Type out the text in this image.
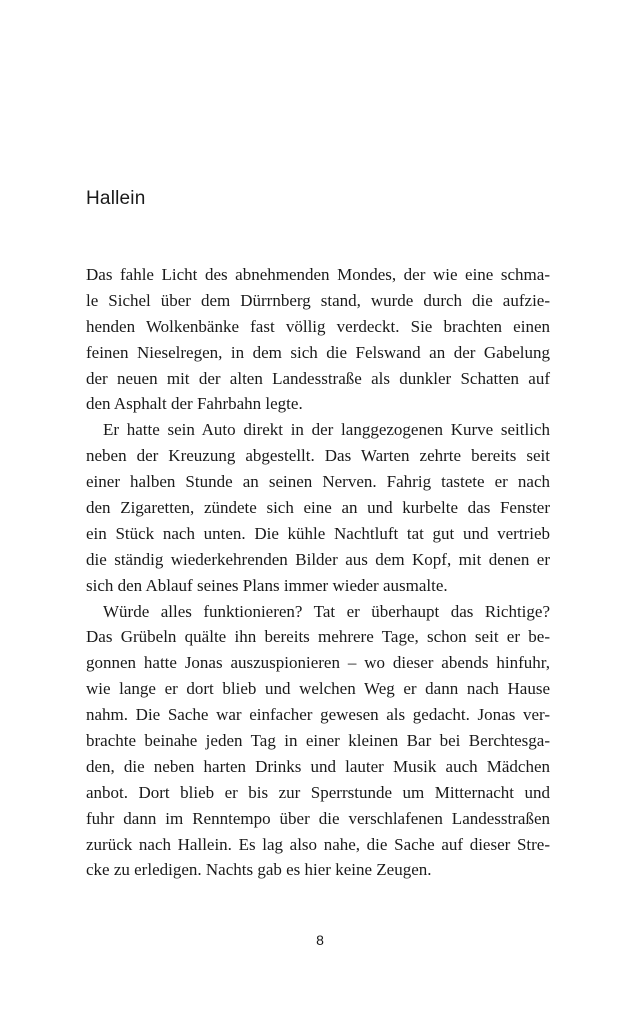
Hallein
Das fahle Licht des abnehmenden Mondes, der wie eine schma-
le Sichel über dem Dürrnberg stand, wurde durch die aufzie-
henden Wolkenbänke fast völlig verdeckt. Sie brachten einen
feinen Nieselregen, in dem sich die Felswand an der Gabelung
der neuen mit der alten Landesstraße als dunkler Schatten auf
den Asphalt der Fahrbahn legte.
Er hatte sein Auto direkt in der langgezogenen Kurve seitlich
neben der Kreuzung abgestellt. Das Warten zehrte bereits seit
einer halben Stunde an seinen Nerven. Fahrig tastete er nach
den Zigaretten, zündete sich eine an und kurbelte das Fenster
ein Stück nach unten. Die kühle Nachtluft tat gut und vertrieb
die ständig wiederkehrenden Bilder aus dem Kopf, mit denen er
sich den Ablauf seines Plans immer wieder ausmalte.
Würde alles funktionieren? Tat er überhaupt das Richtige?
Das Grübeln quälte ihn bereits mehrere Tage, schon seit er be-
gonnen hatte Jonas auszuspionieren – wo dieser abends hinfuhr,
wie lange er dort blieb und welchen Weg er dann nach Hause
nahm. Die Sache war einfacher gewesen als gedacht. Jonas ver-
brachte beinahe jeden Tag in einer kleinen Bar bei Berchtesga-
den, die neben harten Drinks und lauter Musik auch Mädchen
anbot. Dort blieb er bis zur Sperrstunde um Mitternacht und
fuhr dann im Renntempo über die verschlafenen Landesstraßen
zurück nach Hallein. Es lag also nahe, die Sache auf dieser Stre-
cke zu erledigen. Nachts gab es hier keine Zeugen.
8
